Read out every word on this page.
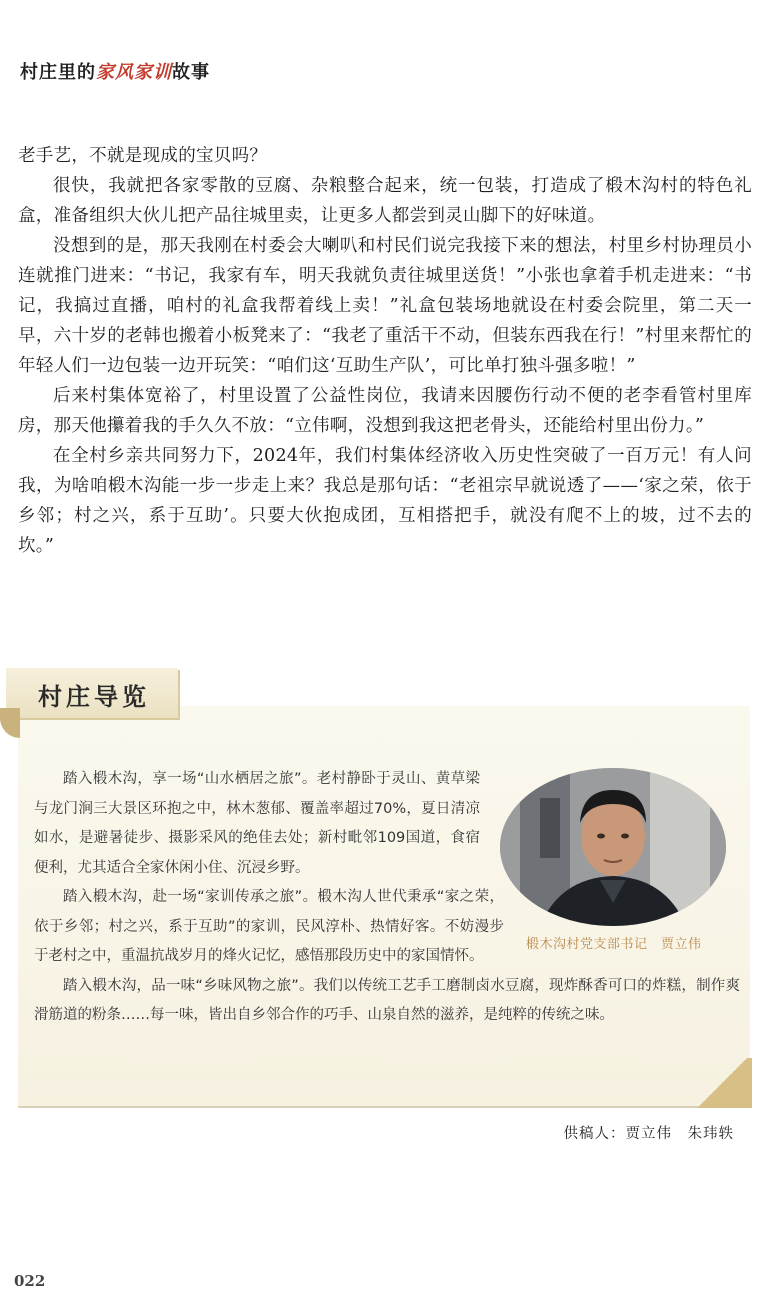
村庄里的家风家训故事

老手艺，不就是现成的宝贝吗？

很快，我就把各家零散的豆腐、杂粮整合起来，统一包装，打造成了椴木沟村的特色礼盒，准备组织大伙儿把产品往城里卖，让更多人都尝到灵山脚下的好味道。

没想到的是，那天我刚在村委会大喇叭和村民们说完我接下来的想法，村里乡村协理员小连就推门进来：“书记，我家有车，明天我就负责往城里送货！”小张也拿着手机走进来：“书记，我搞过直播，咱村的礼盒我帮着线上卖！”礼盒包装场地就设在村委会院里，第二天一早，六十岁的老韩也搬着小板凳来了：“我老了重活干不动，但装东西我在行！”村里来帮忙的年轻人们一边包装一边开玩笑：“咱们这‘互助生产队’，可比单打独斗强多啦！”

后来村集体宽裕了，村里设置了公益性岗位，我请来因腰伤行动不便的老李看管村里库房，那天他攥着我的手久久不放：“立伟啊，没想到我这把老骨头，还能给村里出份力。”

在全村乡亲共同努力下，2024年，我们村集体经济收入历史性突破了一百万元！有人问我，为啥咱椴木沟能一步一步走上来？我总是那句话：“老祖宗早就说透了——‘家之荣，依于乡邻；村之兴，系于互助’。只要大伙抱成团，互相搭把手，就没有爬不上的坡，过不去的坎。”

村庄导览
椴木沟村党支部书记　贾立伟

踏入椴木沟，享一场“山水栖居之旅”。老村静卧于灵山、黄草梁与龙门涧三大景区环抱之中，林木葱郁、覆盖率超过70%，夏日清凉如水，是避暑徒步、摄影采风的绝佳去处；新村毗邻109国道，食宿便利，尤其适合全家休闲小住、沉浸乡野。

踏入椴木沟，赴一场“家训传承之旅”。椴木沟人世代秉承“家之荣，依于乡邻；村之兴，系于互助”的家训，民风淳朴、热情好客。不妨漫步于老村之中，重温抗战岁月的烽火记忆，感悟那段历史中的家国情怀。

踏入椴木沟，品一味“乡味风物之旅”。我们以传统工艺手工磨制卤水豆腐，现炸酥香可口的炸糕，制作爽滑筋道的粉条……每一味，皆出自乡邻合作的巧手、山泉自然的滋养，是纯粹的传统之味。

供稿人：贾立伟　朱玮轶
022
